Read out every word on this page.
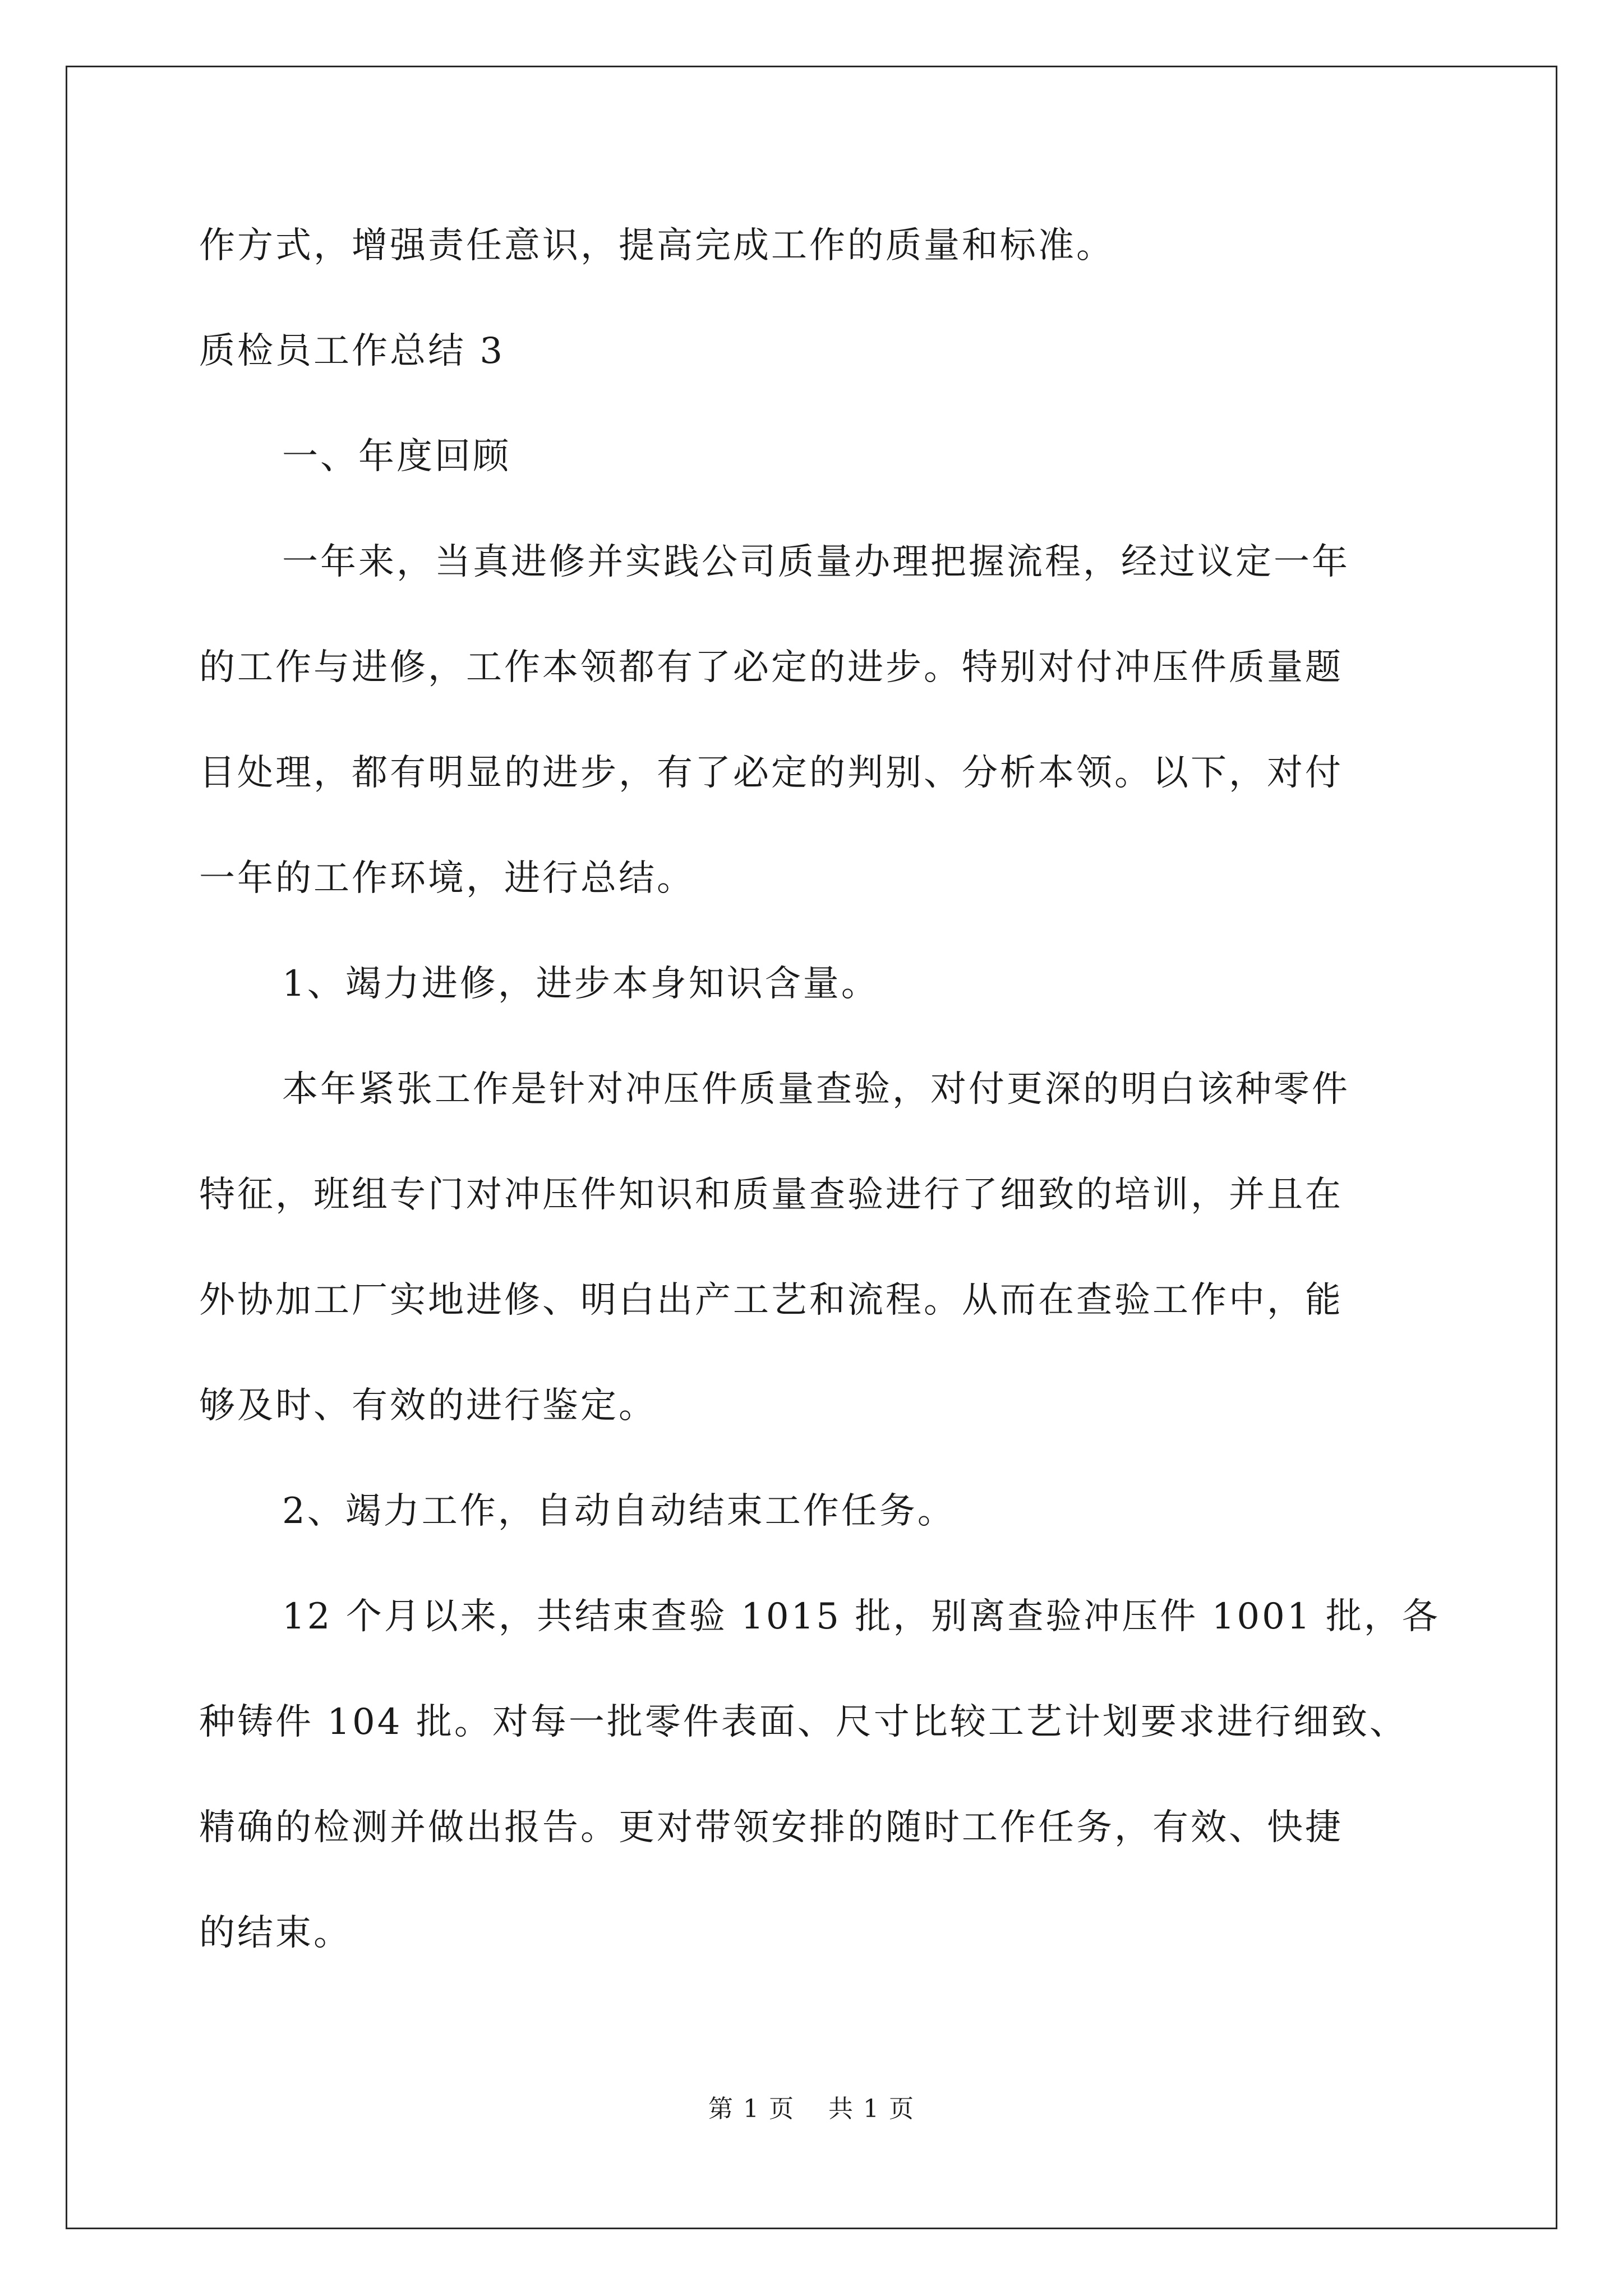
作方式，增强责任意识，提高完成工作的质量和标准。

质检员工作总结 3

一、年度回顾

一年来，当真进修并实践公司质量办理把握流程，经过议定一年

的工作与进修，工作本领都有了必定的进步。特别对付冲压件质量题

目处理，都有明显的进步，有了必定的判别、分析本领。以下，对付

一年的工作环境，进行总结。

1、竭力进修，进步本身知识含量。

本年紧张工作是针对冲压件质量查验，对付更深的明白该种零件

特征，班组专门对冲压件知识和质量查验进行了细致的培训，并且在

外协加工厂实地进修、明白出产工艺和流程。从而在查验工作中，能

够及时、有效的进行鉴定。

2、竭力工作，自动自动结束工作任务。

12 个月以来，共结束查验 1015 批，别离查验冲压件 1001 批，各

种铸件 104 批。对每一批零件表面、尺寸比较工艺计划要求进行细致、

精确的检测并做出报告。更对带领安排的随时工作任务，有效、快捷

的结束。

第 1 页 共 1 页
